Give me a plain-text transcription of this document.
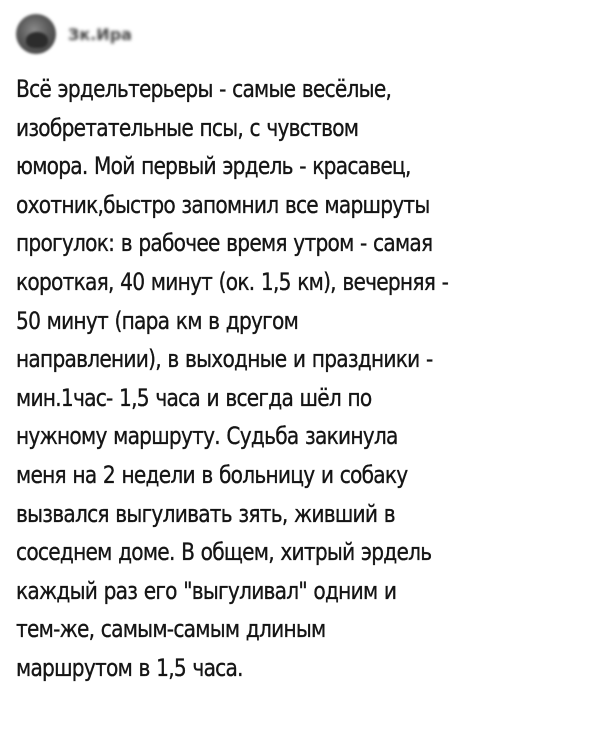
Зк.Ира

Всё эрдельтерьеры - самые весёлые,
изобретательные псы, с чувством
юмора. Мой первый эрдель - красавец,
охотник,быстро запомнил все маршруты
прогулок: в рабочее время утром - самая
короткая, 40 минут (ок. 1,5 км), вечерняя -
50 минут (пара км в другом
направлении), в выходные и праздники -
мин.1час- 1,5 часа и всегда шёл по
нужному маршруту. Судьба закинула
меня на 2 недели в больницу и собаку
вызвался выгуливать зять, живший в
соседнем доме. В общем, хитрый эрдель
каждый раз его "выгуливал" одним и
тем-же, самым-самым длиным
маршрутом в 1,5 часа.
